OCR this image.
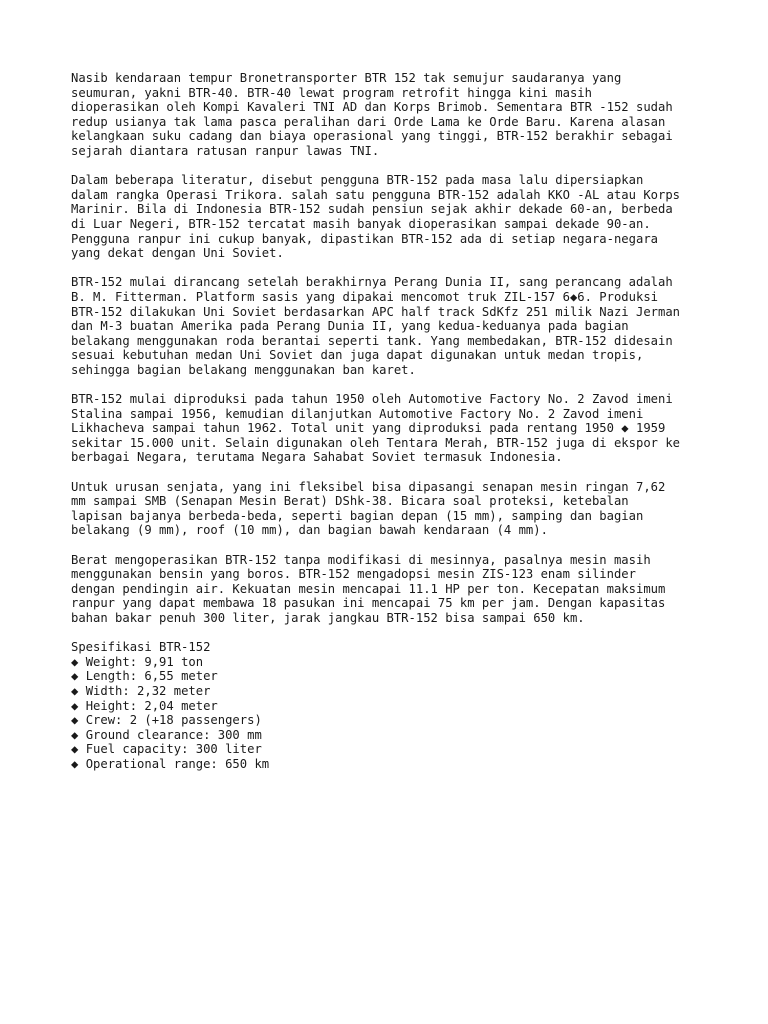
Nasib kendaraan tempur Bronetransporter BTR 152 tak semujur saudaranya yang
seumuran, yakni BTR-40. BTR-40 lewat program retrofit hingga kini masih
dioperasikan oleh Kompi Kavaleri TNI AD dan Korps Brimob. Sementara BTR -152 sudah
redup usianya tak lama pasca peralihan dari Orde Lama ke Orde Baru. Karena alasan
kelangkaan suku cadang dan biaya operasional yang tinggi, BTR-152 berakhir sebagai
sejarah diantara ratusan ranpur lawas TNI.

Dalam beberapa literatur, disebut pengguna BTR-152 pada masa lalu dipersiapkan
dalam rangka Operasi Trikora. salah satu pengguna BTR-152 adalah KKO -AL atau Korps
Marinir. Bila di Indonesia BTR-152 sudah pensiun sejak akhir dekade 60-an, berbeda
di Luar Negeri, BTR-152 tercatat masih banyak dioperasikan sampai dekade 90-an.
Pengguna ranpur ini cukup banyak, dipastikan BTR-152 ada di setiap negara-negara
yang dekat dengan Uni Soviet.

BTR-152 mulai dirancang setelah berakhirnya Perang Dunia II, sang perancang adalah
B. M. Fitterman. Platform sasis yang dipakai mencomot truk ZIL-157 6◆6. Produksi
BTR-152 dilakukan Uni Soviet berdasarkan APC half track SdKfz 251 milik Nazi Jerman
dan M-3 buatan Amerika pada Perang Dunia II, yang kedua-keduanya pada bagian
belakang menggunakan roda berantai seperti tank. Yang membedakan, BTR-152 didesain
sesuai kebutuhan medan Uni Soviet dan juga dapat digunakan untuk medan tropis,
sehingga bagian belakang menggunakan ban karet.

BTR-152 mulai diproduksi pada tahun 1950 oleh Automotive Factory No. 2 Zavod imeni
Stalina sampai 1956, kemudian dilanjutkan Automotive Factory No. 2 Zavod imeni
Likhacheva sampai tahun 1962. Total unit yang diproduksi pada rentang 1950 ◆ 1959
sekitar 15.000 unit. Selain digunakan oleh Tentara Merah, BTR-152 juga di ekspor ke
berbagai Negara, terutama Negara Sahabat Soviet termasuk Indonesia.

Untuk urusan senjata, yang ini fleksibel bisa dipasangi senapan mesin ringan 7,62
mm sampai SMB (Senapan Mesin Berat) DShk-38. Bicara soal proteksi, ketebalan
lapisan bajanya berbeda-beda, seperti bagian depan (15 mm), samping dan bagian
belakang (9 mm), roof (10 mm), dan bagian bawah kendaraan (4 mm).

Berat mengoperasikan BTR-152 tanpa modifikasi di mesinnya, pasalnya mesin masih
menggunakan bensin yang boros. BTR-152 mengadopsi mesin ZIS-123 enam silinder
dengan pendingin air. Kekuatan mesin mencapai 11.1 HP per ton. Kecepatan maksimum
ranpur yang dapat membawa 18 pasukan ini mencapai 75 km per jam. Dengan kapasitas
bahan bakar penuh 300 liter, jarak jangkau BTR-152 bisa sampai 650 km.

Spesifikasi BTR-152
◆ Weight: 9,91 ton
◆ Length: 6,55 meter
◆ Width: 2,32 meter
◆ Height: 2,04 meter
◆ Crew: 2 (+18 passengers)
◆ Ground clearance: 300 mm
◆ Fuel capacity: 300 liter
◆ Operational range: 650 km
